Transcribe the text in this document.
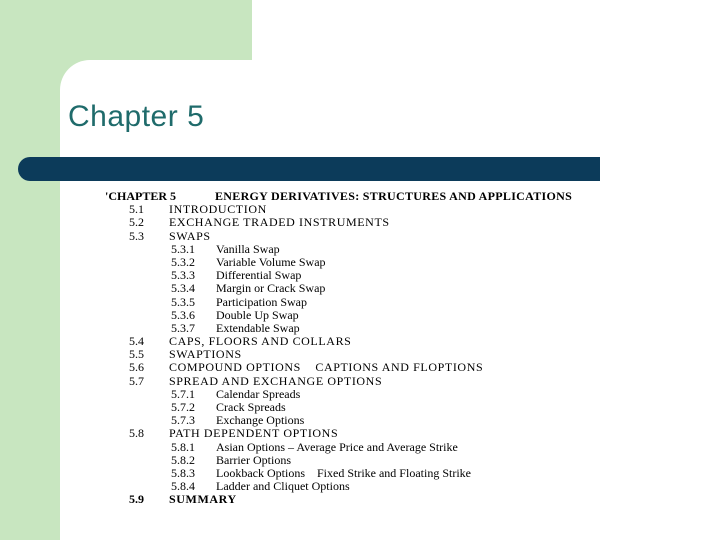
Chapter 5
'CHAPTER 5	ENERGY DERIVATIVES: STRUCTURES AND APPLICATIONS
5.1 INTRODUCTION
5.2 EXCHANGE TRADED INSTRUMENTS
5.3 SWAPS
5.3.1 Vanilla Swap
5.3.2 Variable Volume Swap
5.3.3 Differential Swap
5.3.4 Margin or Crack Swap
5.3.5 Participation Swap
5.3.6 Double Up Swap
5.3.7 Extendable Swap
5.4 CAPS, FLOORS AND COLLARS
5.5 SWAPTIONS
5.6 COMPOUND OPTIONS    CAPTIONS AND FLOPTIONS
5.7 SPREAD AND EXCHANGE OPTIONS
5.7.1 Calendar Spreads
5.7.2 Crack Spreads
5.7.3 Exchange Options
5.8 PATH DEPENDENT OPTIONS
5.8.1 Asian Options – Average Price and Average Strike
5.8.2 Barrier Options
5.8.3 Lookback Options    Fixed Strike and Floating Strike
5.8.4 Ladder and Cliquet Options
5.9 SUMMARY
